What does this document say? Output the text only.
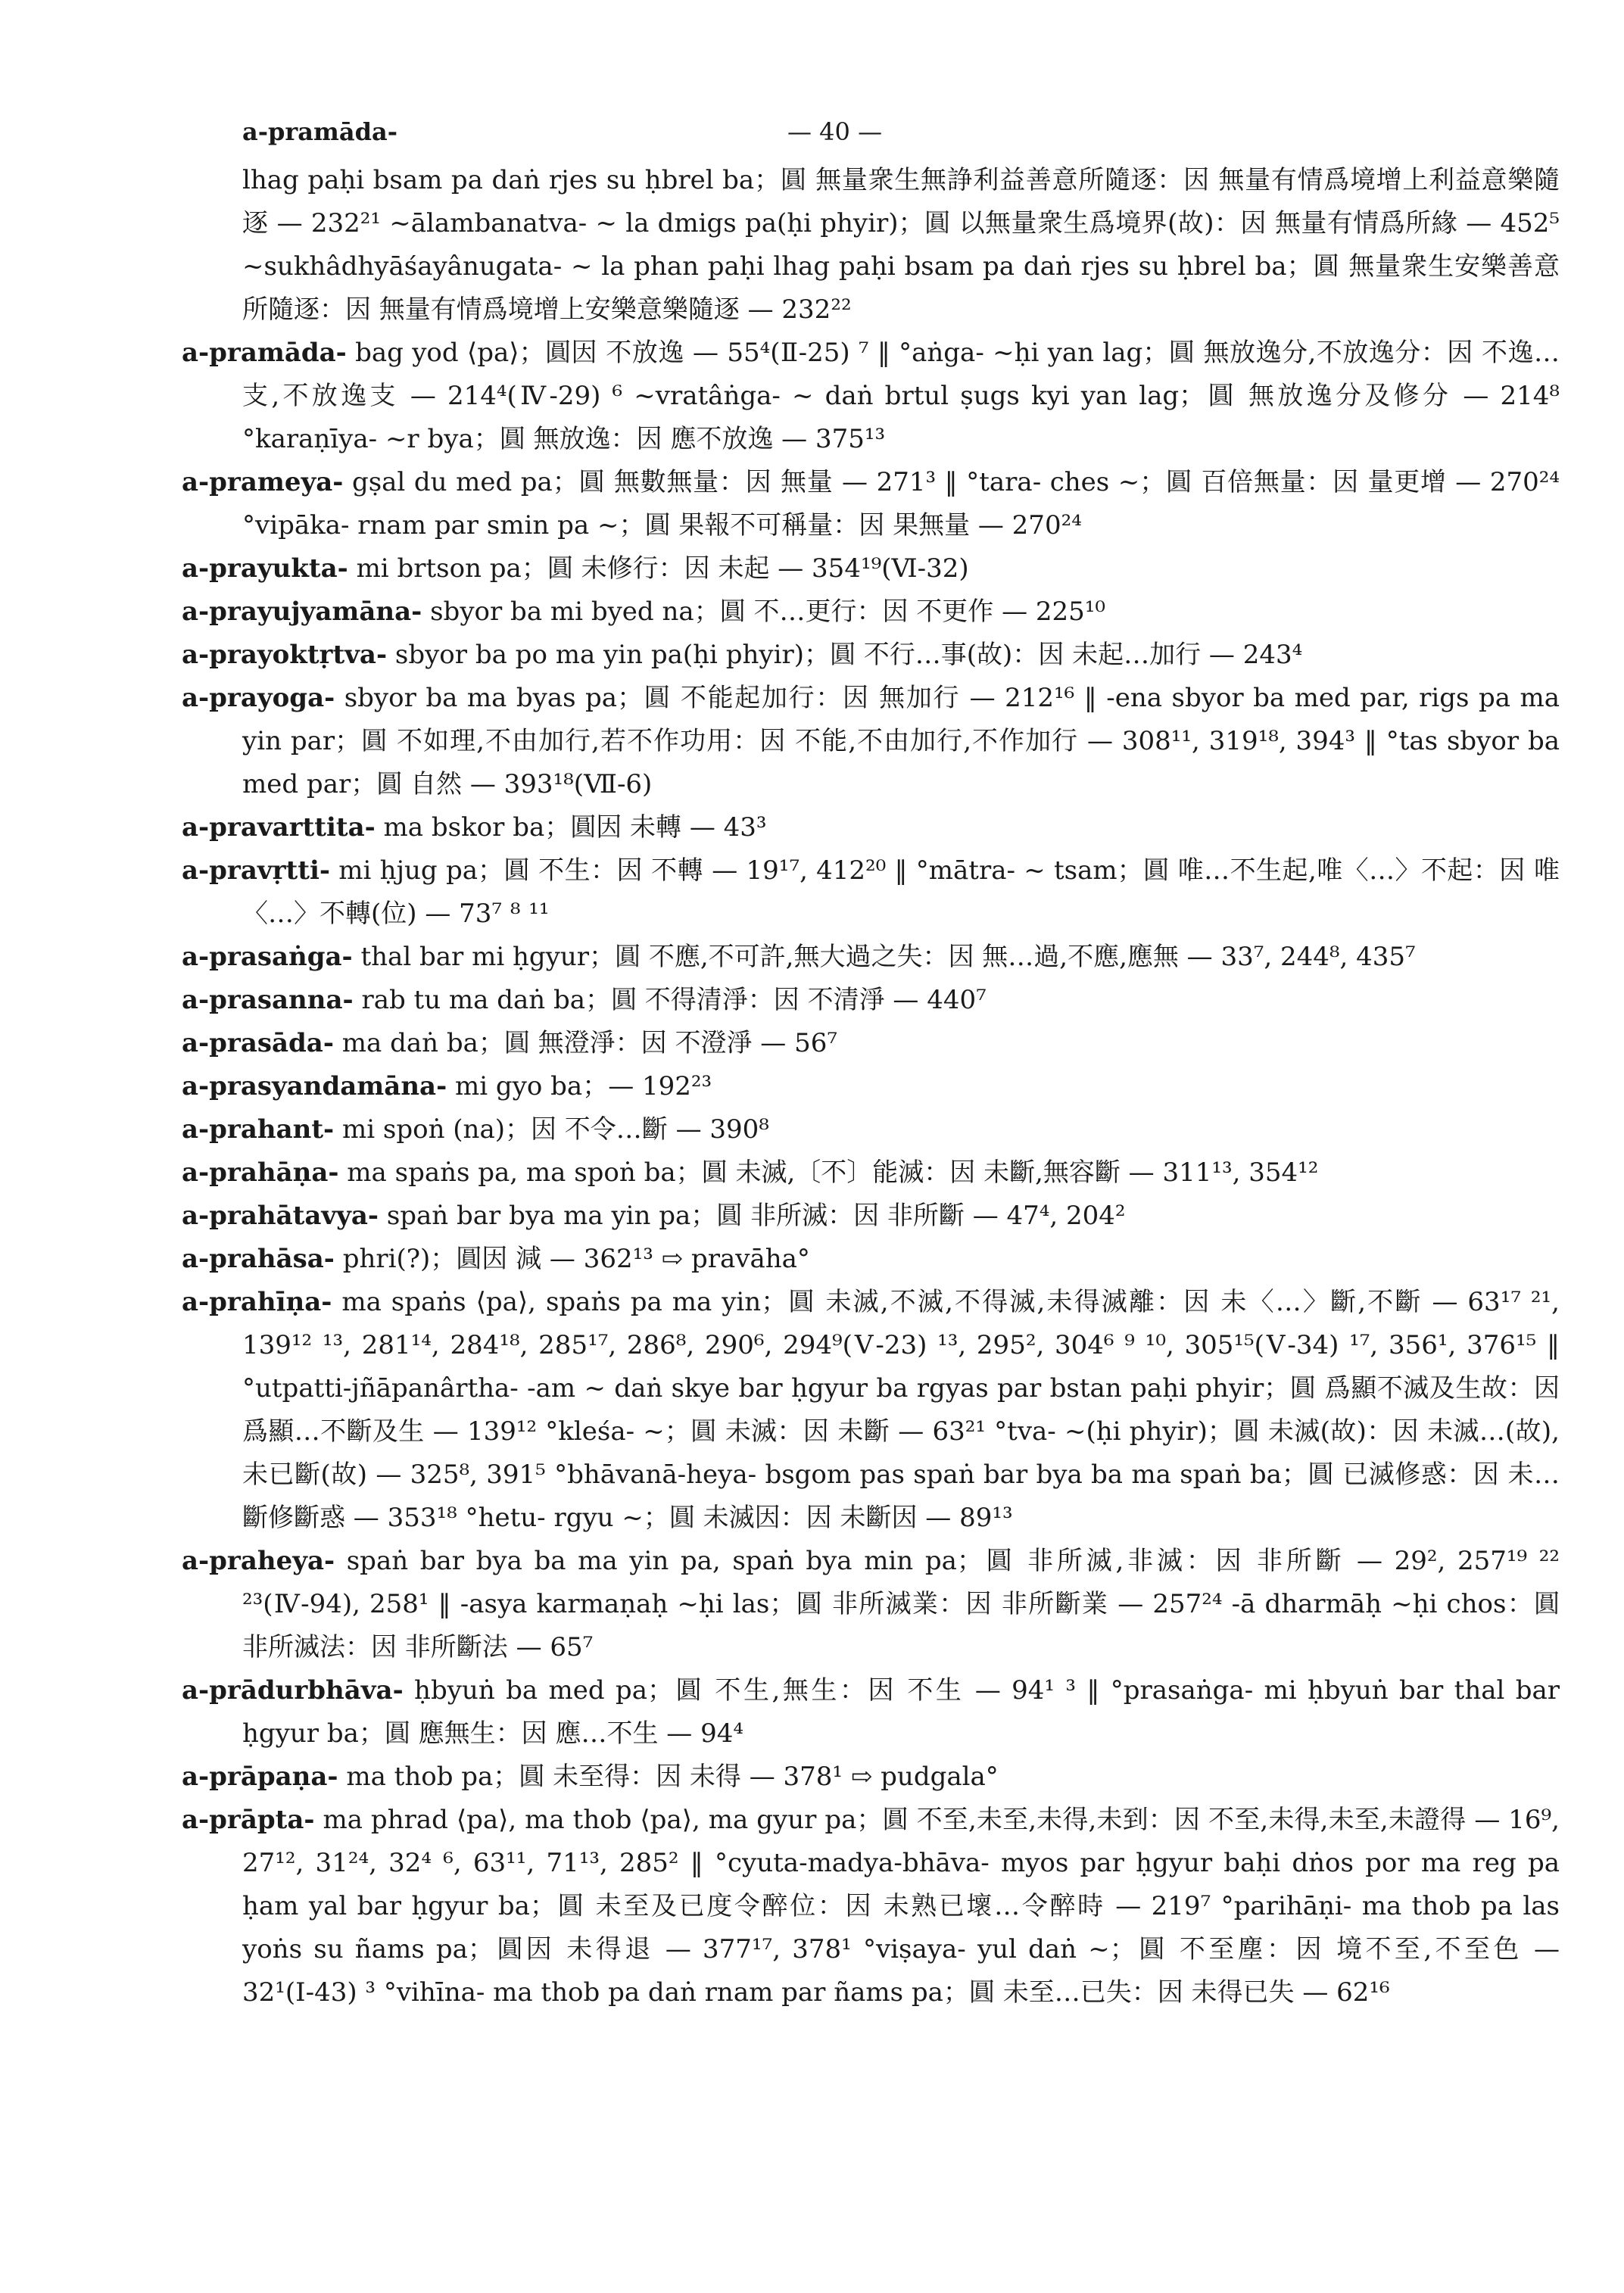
a-pramāda-	— 40 —

lhag paḥi bsam pa daṅ rjes su ḥbrel ba；圓 無量衆生無諍利益善意所隨逐：因 無量有情爲境增上利益意樂隨逐 — 232²¹ ~ālambanatva- ~ la dmigs pa(ḥi phyir)；圓 以無量衆生爲境界(故)：因 無量有情爲所緣 — 452⁵ ~sukhâdhyāśayânugata- ~ la phan paḥi lhag paḥi bsam pa daṅ rjes su ḥbrel ba；圓 無量衆生安樂善意所隨逐：因 無量有情爲境增上安樂意樂隨逐 — 232²²

a-pramāda- bag yod ⟨pa⟩；圓因 不放逸 — 55⁴(Ⅱ-25) ⁷ ‖ °aṅga- ~ḥi yan lag；圓 無放逸分,不放逸分：因 不逸…支,不放逸支 — 214⁴(Ⅳ-29) ⁶ ~vratâṅga- ~ daṅ brtul ṣugs kyi yan lag；圓 無放逸分及修分 — 214⁸ °karaṇīya- ~r bya；圓 無放逸：因 應不放逸 — 375¹³

a-prameya- gṣal du med pa；圓 無數無量：因 無量 — 271³ ‖ °tara- ches ~；圓 百倍無量：因 量更增 — 270²⁴ °vipāka- rnam par smin pa ~；圓 果報不可稱量：因 果無量 — 270²⁴

a-prayukta- mi brtson pa；圓 未修行：因 未起 — 354¹⁹(Ⅵ-32)

a-prayujyamāna- sbyor ba mi byed na；圓 不…更行：因 不更作 — 225¹⁰

a-prayoktṛtva- sbyor ba po ma yin pa(ḥi phyir)；圓 不行…事(故)：因 未起…加行 — 243⁴

a-prayoga- sbyor ba ma byas pa；圓 不能起加行：因 無加行 — 212¹⁶ ‖ -ena sbyor ba med par, rigs pa ma yin par；圓 不如理,不由加行,若不作功用：因 不能,不由加行,不作加行 — 308¹¹, 319¹⁸, 394³ ‖ °tas sbyor ba med par；圓 自然 — 393¹⁸(Ⅶ-6)

a-pravarttita- ma bskor ba；圓因 未轉 — 43³

a-pravṛtti- mi ḥjug pa；圓 不生：因 不轉 — 19¹⁷, 412²⁰ ‖ °mātra- ~ tsam；圓 唯…不生起,唯〈…〉不起：因 唯〈…〉不轉(位) — 73⁷ ⁸ ¹¹

a-prasaṅga- thal bar mi ḥgyur；圓 不應,不可許,無大過之失：因 無…過,不應,應無 — 33⁷, 244⁸, 435⁷

a-prasanna- rab tu ma daṅ ba；圓 不得清淨：因 不清淨 — 440⁷

a-prasāda- ma daṅ ba；圓 無澄淨：因 不澄淨 — 56⁷

a-prasyandamāna- mi gyo ba；— 192²³

a-prahant- mi spoṅ (na)；因 不令…斷 — 390⁸

a-prahāṇa- ma spaṅs pa, ma spoṅ ba；圓 未滅,〔不〕能滅：因 未斷,無容斷 — 311¹³, 354¹²

a-prahātavya- spaṅ bar bya ma yin pa；圓 非所滅：因 非所斷 — 47⁴, 204²

a-prahāsa- phri(?)；圓因 減 — 362¹³ ⇨ pravāha°

a-prahīṇa- ma spaṅs ⟨pa⟩, spaṅs pa ma yin；圓 未滅,不滅,不得滅,未得滅離：因 未〈…〉斷,不斷 — 63¹⁷ ²¹, 139¹² ¹³, 281¹⁴, 284¹⁸, 285¹⁷, 286⁸, 290⁶, 294⁹(Ⅴ-23) ¹³, 295², 304⁶ ⁹ ¹⁰, 305¹⁵(Ⅴ-34) ¹⁷, 356¹, 376¹⁵ ‖ °utpatti-jñāpanârtha- -am ~ daṅ skye bar ḥgyur ba rgyas par bstan paḥi phyir；圓 爲顯不滅及生故：因 爲顯…不斷及生 — 139¹² °kleśa- ~；圓 未滅：因 未斷 — 63²¹ °tva- ~(ḥi phyir)；圓 未滅(故)：因 未滅…(故),未已斷(故) — 325⁸, 391⁵ °bhāvanā-heya- bsgom pas spaṅ bar bya ba ma spaṅ ba；圓 已滅修惑：因 未…斷修斷惑 — 353¹⁸ °hetu- rgyu ~；圓 未滅因：因 未斷因 — 89¹³

a-praheya- spaṅ bar bya ba ma yin pa, spaṅ bya min pa；圓 非所滅,非滅：因 非所斷 — 29², 257¹⁹ ²² ²³(Ⅳ-94), 258¹ ‖ -asya karmaṇaḥ ~ḥi las；圓 非所滅業：因 非所斷業 — 257²⁴ -ā dharmāḥ ~ḥi chos：圓 非所滅法：因 非所斷法 — 65⁷

a-prādurbhāva- ḥbyuṅ ba med pa；圓 不生,無生：因 不生 — 94¹ ³ ‖ °prasaṅga- mi ḥbyuṅ bar thal bar ḥgyur ba；圓 應無生：因 應…不生 — 94⁴

a-prāpaṇa- ma thob pa；圓 未至得：因 未得 — 378¹ ⇨ pudgala°

a-prāpta- ma phrad ⟨pa⟩, ma thob ⟨pa⟩, ma gyur pa；圓 不至,未至,未得,未到：因 不至,未得,未至,未證得 — 16⁹, 27¹², 31²⁴, 32⁴ ⁶, 63¹¹, 71¹³, 285² ‖ °cyuta-madya-bhāva- myos par ḥgyur baḥi dṅos por ma reg pa ḥam yal bar ḥgyur ba；圓 未至及已度令醉位：因 未熟已壞…令醉時 — 219⁷ °parihāṇi- ma thob pa las yoṅs su ñams pa；圓因 未得退 — 377¹⁷, 378¹ °viṣaya- yul daṅ ~；圓 不至塵：因 境不至,不至色 — 32¹(Ⅰ-43) ³ °vihīna- ma thob pa daṅ rnam par ñams pa；圓 未至…已失：因 未得已失 — 62¹⁶
